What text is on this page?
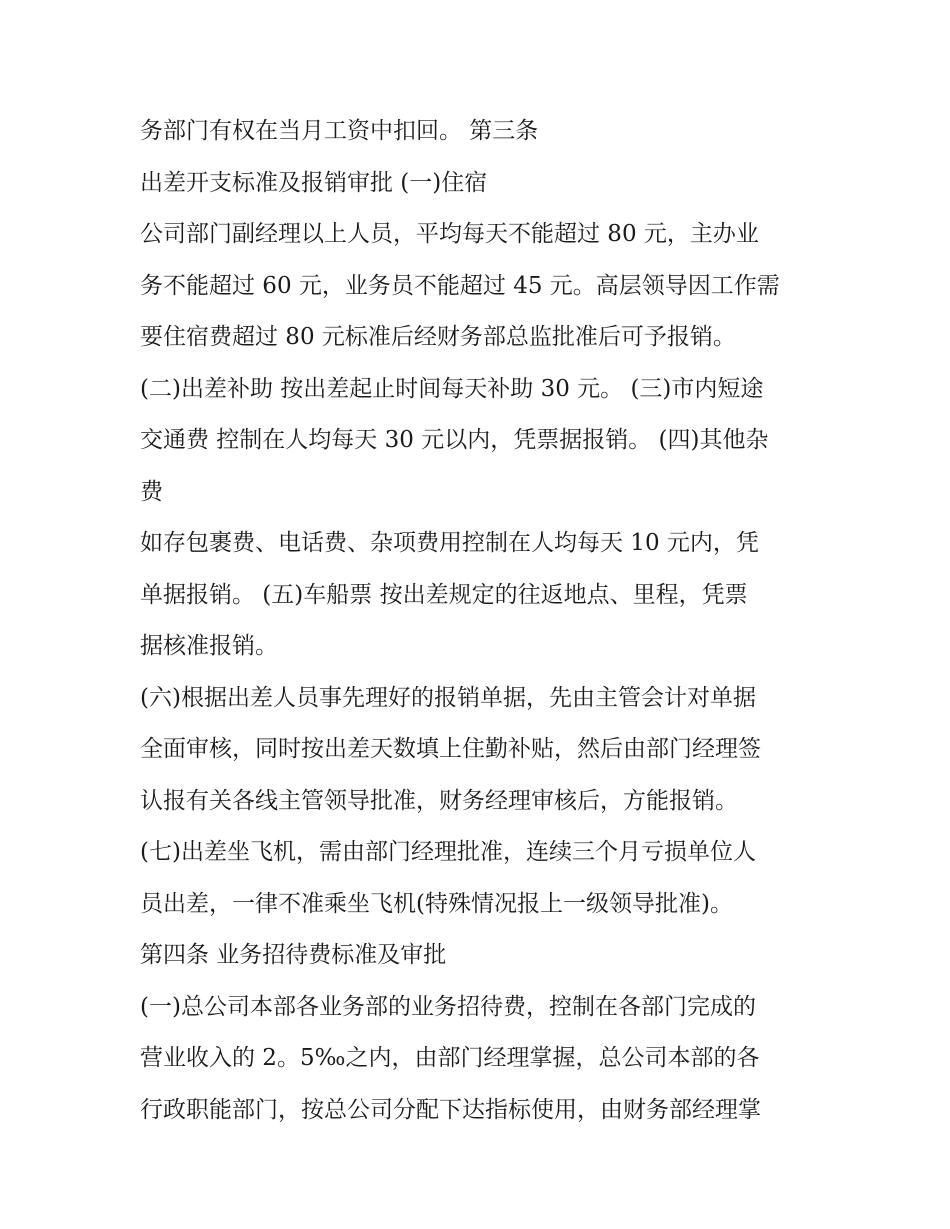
务部门有权在当月工资中扣回。 第三条
出差开支标准及报销审批 (一)住宿
公司部门副经理以上人员，平均每天不能超过 80 元，主办业
务不能超过 60 元，业务员不能超过 45 元。高层领导因工作需
要住宿费超过 80 元标准后经财务部总监批准后可予报销。
(二)出差补助 按出差起止时间每天补助 30 元。 (三)市内短途
交通费 控制在人均每天 30 元以内，凭票据报销。 (四)其他杂
费
如存包裹费、电话费、杂项费用控制在人均每天 10 元内，凭
单据报销。 (五)车船票 按出差规定的往返地点、里程，凭票
据核准报销。
(六)根据出差人员事先理好的报销单据，先由主管会计对单据
全面审核，同时按出差天数填上住勤补贴，然后由部门经理签
认报有关各线主管领导批准，财务经理审核后，方能报销。
(七)出差坐飞机，需由部门经理批准，连续三个月亏损单位人
员出差，一律不准乘坐飞机(特殊情况报上一级领导批准)。
第四条 业务招待费标准及审批
(一)总公司本部各业务部的业务招待费，控制在各部门完成的
营业收入的 2。5‰之内，由部门经理掌握，总公司本部的各
行政职能部门，按总公司分配下达指标使用，由财务部经理掌
